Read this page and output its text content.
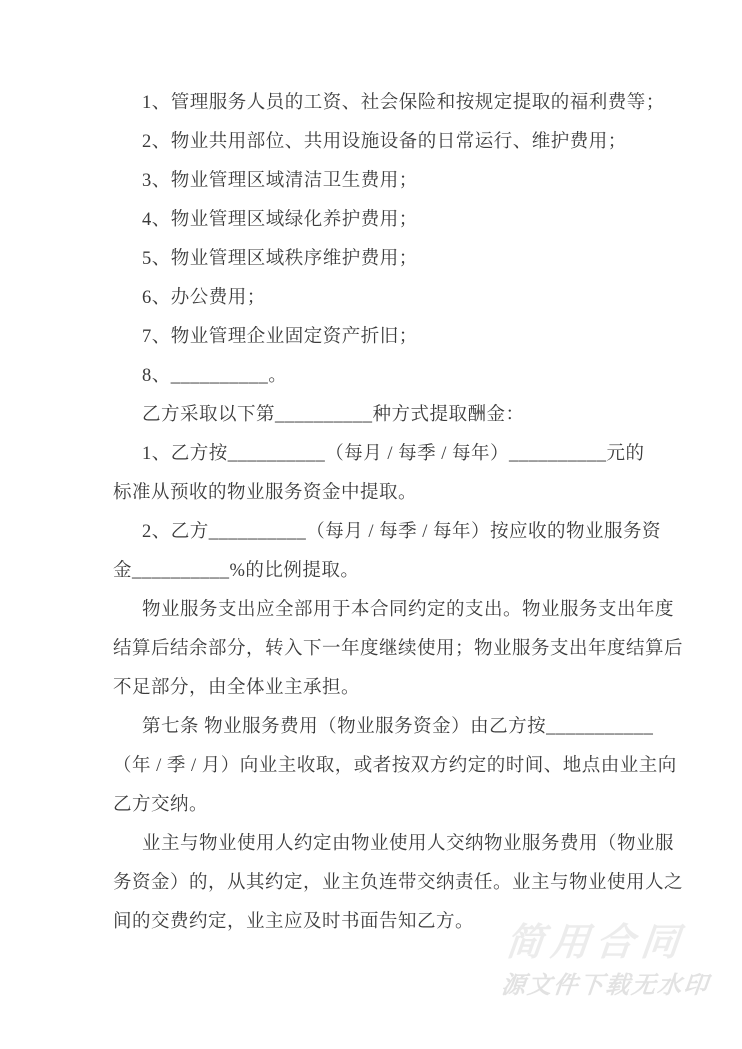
1、管理服务人员的工资、社会保险和按规定提取的福利费等；
2、物业共用部位、共用设施设备的日常运行、维护费用；
3、物业管理区域清洁卫生费用；
4、物业管理区域绿化养护费用；
5、物业管理区域秩序维护费用；
6、办公费用；
7、物业管理企业固定资产折旧；
8、__________。
乙方采取以下第__________种方式提取酬金：
1、乙方按__________（每月 / 每季 / 每年）__________元的
标准从预收的物业服务资金中提取。
2、乙方__________（每月 / 每季 / 每年）按应收的物业服务资
金__________%的比例提取。
物业服务支出应全部用于本合同约定的支出。物业服务支出年度
结算后结余部分，转入下一年度继续使用；物业服务支出年度结算后
不足部分，由全体业主承担。
第七条 物业服务费用（物业服务资金）由乙方按___________
（年 / 季 / 月）向业主收取，或者按双方约定的时间、地点由业主向
乙方交纳。
业主与物业使用人约定由物业使用人交纳物业服务费用（物业服
务资金）的，从其约定，业主负连带交纳责任。业主与物业使用人之
间的交费约定，业主应及时书面告知乙方。 简用合同
源文件下载无水印
